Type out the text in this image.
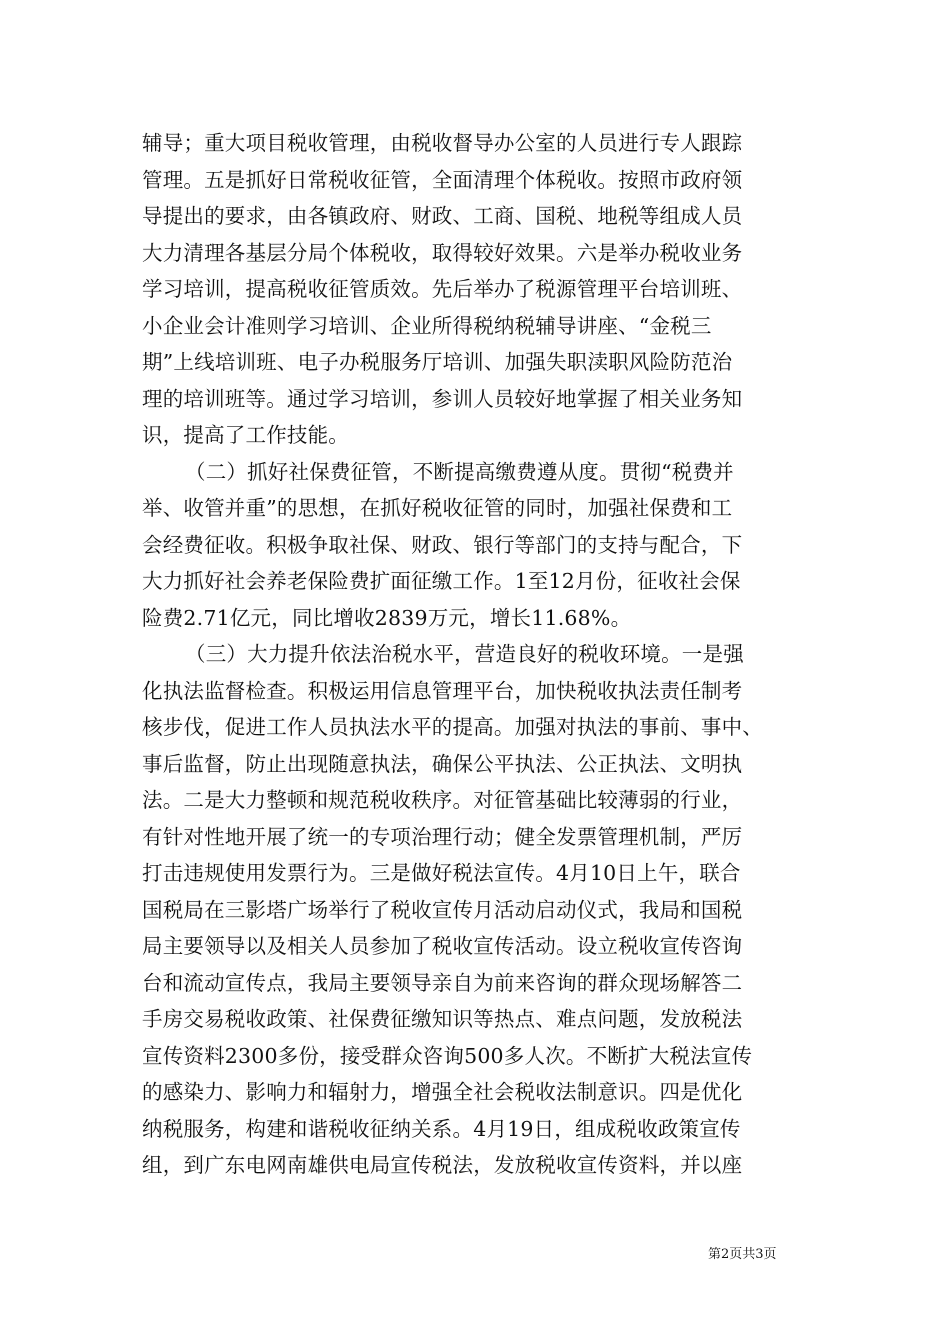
辅导；重大项目税收管理，由税收督导办公室的人员进行专人跟踪
管理。五是抓好日常税收征管，全面清理个体税收。按照市政府领
导提出的要求，由各镇政府、财政、工商、国税、地税等组成人员
大力清理各基层分局个体税收，取得较好效果。六是举办税收业务
学习培训，提高税收征管质效。先后举办了税源管理平台培训班、
小企业会计准则学习培训、企业所得税纳税辅导讲座、“金税三
期”上线培训班、电子办税服务厅培训、加强失职渎职风险防范治
理的培训班等。通过学习培训，参训人员较好地掌握了相关业务知
识，提高了工作技能。
（二）抓好社保费征管，不断提高缴费遵从度。贯彻“税费并
举、收管并重”的思想，在抓好税收征管的同时，加强社保费和工
会经费征收。积极争取社保、财政、银行等部门的支持与配合，下
大力抓好社会养老保险费扩面征缴工作。1至12月份，征收社会保
险费2.71亿元，同比增收2839万元，增长11.68%。
（三）大力提升依法治税水平，营造良好的税收环境。一是强
化执法监督检查。积极运用信息管理平台，加快税收执法责任制考
核步伐，促进工作人员执法水平的提高。加强对执法的事前、事中、
事后监督，防止出现随意执法，确保公平执法、公正执法、文明执
法。二是大力整顿和规范税收秩序。对征管基础比较薄弱的行业，
有针对性地开展了统一的专项治理行动；健全发票管理机制，严厉
打击违规使用发票行为。三是做好税法宣传。4月10日上午，联合
国税局在三影塔广场举行了税收宣传月活动启动仪式，我局和国税
局主要领导以及相关人员参加了税收宣传活动。设立税收宣传咨询
台和流动宣传点，我局主要领导亲自为前来咨询的群众现场解答二
手房交易税收政策、社保费征缴知识等热点、难点问题，发放税法
宣传资料2300多份，接受群众咨询500多人次。不断扩大税法宣传
的感染力、影响力和辐射力，增强全社会税收法制意识。四是优化
纳税服务，构建和谐税收征纳关系。4月19日，组成税收政策宣传
组，到广东电网南雄供电局宣传税法，发放税收宣传资料，并以座
第2页共3页
